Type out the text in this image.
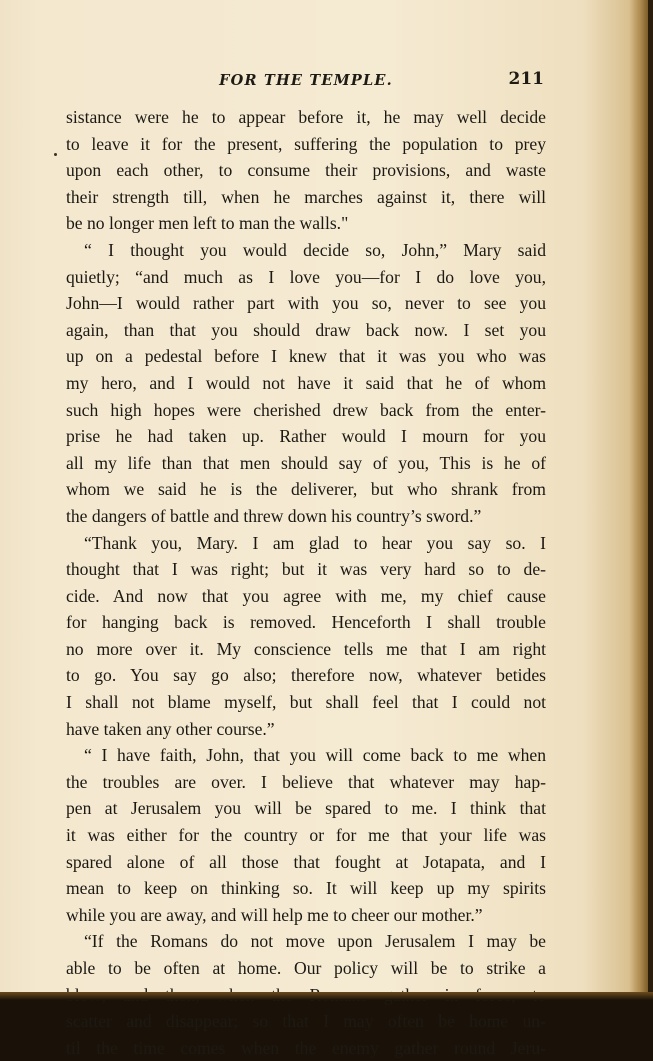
FOR THE TEMPLE.	211
sistance were he to appear before it, he may well decide
to leave it for the present, suffering the population to prey
upon each other, to consume their provisions, and waste
their strength till, when he marches against it, there will
be no longer men left to man the walls."
“ I thought you would decide so, John,” Mary said
quietly; “and much as I love you—for I do love you,
John—I would rather part with you so, never to see you
again, than that you should draw back now. I set you
up on a pedestal before I knew that it was you who was
my hero, and I would not have it said that he of whom
such high hopes were cherished drew back from the enter-
prise he had taken up. Rather would I mourn for you
all my life than that men should say of you, This is he of
whom we said he is the deliverer, but who shrank from
the dangers of battle and threw down his country’s sword.”
“Thank you, Mary. I am glad to hear you say so. I
thought that I was right; but it was very hard so to de-
cide. And now that you agree with me, my chief cause
for hanging back is removed. Henceforth I shall trouble
no more over it. My conscience tells me that I am right
to go. You say go also; therefore now, whatever betides
I shall not blame myself, but shall feel that I could not
have taken any other course.”
“ I have faith, John, that you will come back to me when
the troubles are over. I believe that whatever may hap-
pen at Jerusalem you will be spared to me. I think that
it was either for the country or for me that your life was
spared alone of all those that fought at Jotapata, and I
mean to keep on thinking so. It will keep up my spirits
while you are away, and will help me to cheer our mother.”
“If the Romans do not move upon Jerusalem I may be
able to be often at home. Our policy will be to strike a
scatter and disappear; so that I may often be home un-
til the time comes when the enemy gather round Jeru-
